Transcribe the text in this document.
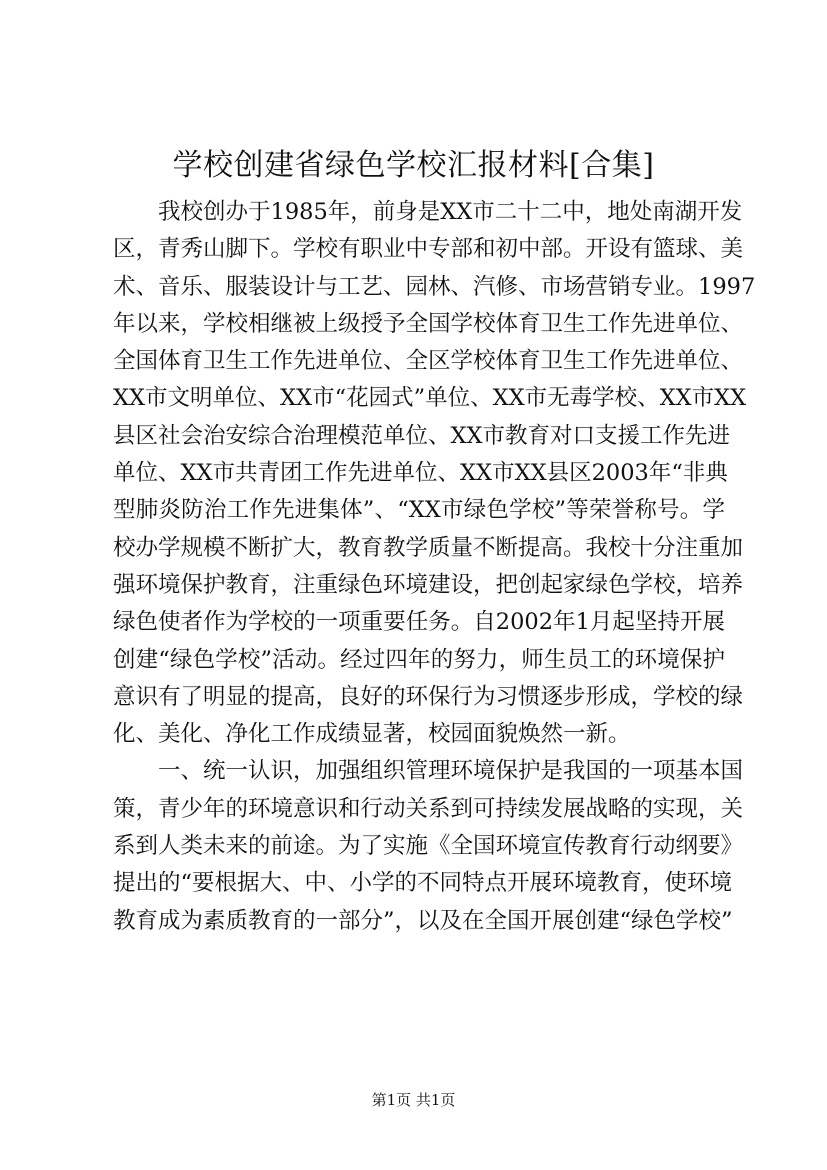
学校创建省绿色学校汇报材料[合集]

我校创办于1985年，前身是XX市二十二中，地处南湖开发
区，青秀山脚下。学校有职业中专部和初中部。开设有篮球、美
术、音乐、服装设计与工艺、园林、汽修、市场营销专业。1997
年以来，学校相继被上级授予全国学校体育卫生工作先进单位、
全国体育卫生工作先进单位、全区学校体育卫生工作先进单位、
XX市文明单位、XX市“花园式”单位、XX市无毒学校、XX市XX
县区社会治安综合治理模范单位、XX市教育对口支援工作先进
单位、XX市共青团工作先进单位、XX市XX县区2003年“非典
型肺炎防治工作先进集体”、“XX市绿色学校”等荣誉称号。学
校办学规模不断扩大，教育教学质量不断提高。我校十分注重加
强环境保护教育，注重绿色环境建设，把创起家绿色学校，培养
绿色使者作为学校的一项重要任务。自2002年1月起坚持开展
创建“绿色学校”活动。经过四年的努力，师生员工的环境保护
意识有了明显的提高，良好的环保行为习惯逐步形成，学校的绿
化、美化、净化工作成绩显著，校园面貌焕然一新。

一、统一认识，加强组织管理环境保护是我国的一项基本国
策，青少年的环境意识和行动关系到可持续发展战略的实现，关
系到人类未来的前途。为了实施《全国环境宣传教育行动纲要》
提出的“要根据大、中、小学的不同特点开展环境教育，使环境
教育成为素质教育的一部分”，以及在全国开展创建“绿色学校”

第1页 共1页
